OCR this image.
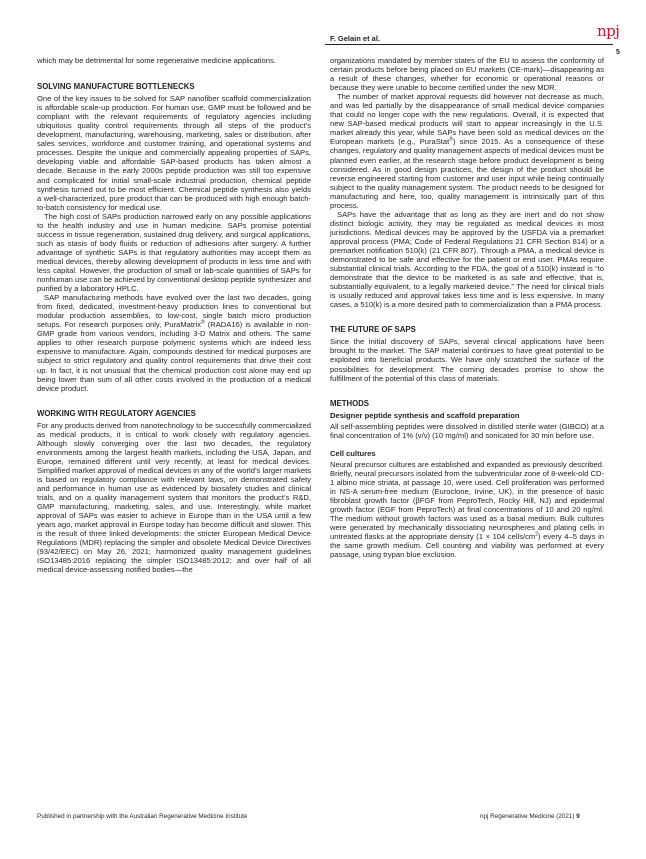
F. Gelain et al.	npj
5

which may be detrimental for some regenerative medicine applications.

SOLVING MANUFACTURE BOTTLENECKS

One of the key issues to be solved for SAP nanofiber scaffold commercialization is affordable scale-up production. For human use, GMP must be followed and be compliant with the relevant requirements of regulatory agencies including ubiquitous quality control requirements through all steps of the product’s development, manufacturing, warehousing, marketing, sales or distribution, after sales services, workforce and customer training, and operational systems and processes. Despite the unique and commercially appealing properties of SAPs, developing viable and affordable SAP-based products has taken almost a decade. Because in the early 2000s peptide production was still too expensive and complicated for initial small-scale industrial production, chemical peptide synthesis turned out to be most efficient. Chemical peptide synthesis also yields a well-characterized, pure product that can be produced with high enough batch-to-batch consistency for medical use.

The high cost of SAPs production narrowed early on any possible applications to the health industry and use in human medicine. SAPs promise potential success in tissue regeneration, sustained drug delivery, and surgical applications, such as stasis of body fluids or reduction of adhesions after surgery. A further advantage of synthetic SAPs is that regulatory authorities may accept them as medical devices, thereby allowing development of products in less time and with less capital. However, the production of small or lab-scale quantities of SAPs for nonhuman use can be achieved by conventional desktop peptide synthesizer and purified by a laboratory HPLC.

SAP manufacturing methods have evolved over the last two decades, going from fixed, dedicated, investment-heavy production lines to conventional but modular production assemblies, to low-cost, single batch micro production setups. For research purposes only, PuraMatrix® (RADA16) is available in non-GMP grade from various vendors, including 3-D Matrix and others. The same applies to other research purpose polymeric systems which are indeed less expensive to manufacture. Again, compounds destined for medical purposes are subject to strict regulatory and quality control requirements that drive their cost up. In fact, it is not unusual that the chemical production cost alone may end up being lower than sum of all other costs involved in the production of a medical device product.

WORKING WITH REGULATORY AGENCIES

For any products derived from nanotechnology to be successfully commercialized as medical products, it is critical to work closely with regulatory agencies. Although slowly converging over the last two decades, the regulatory environments among the largest health markets, including the USA, Japan, and Europe, remained different until very recently, at least for medical devices. Simplified market approval of medical devices in any of the world’s larger markets is based on regulatory compliance with relevant laws, on demonstrated safety and performance in human use as evidenced by biosafety studies and clinical trials, and on a quality management system that monitors the product’s R&D, GMP manufacturing, marketing, sales, and use. Interestingly, while market approval of SAPs was easier to achieve in Europe than in the USA until a few years ago, market approval in Europe today has become difficult and slower. This is the result of three linked developments: the stricter European Medical Device Regulations (MDR) replacing the simpler and obsolete Medical Device Directives (93/42/EEC) on May 26, 2021; harmonized quality management guidelines ISO13485:2016 replacing the simpler ISO13485:2012; and over half of all medical device-assessing notified bodies—the

organizations mandated by member states of the EU to assess the conformity of certain products before being placed on EU markets (CE-mark)—disappearing as a result of these changes, whether for economic or operational reasons or because they were unable to become certified under the new MDR.

The number of market approval requests did however not decrease as much, and was led partially by the disappearance of small medical device companies that could no longer cope with the new regulations. Overall, it is expected that new SAP-based medical products will start to appear increasingly in the U.S. market already this year, while SAPs have been sold as medical devices on the European markets (e.g., PuraStat®) since 2015. As a consequence of these changes, regulatory and quality management aspects of medical devices must be planned even earlier, at the research stage before product development is being considered. As in good design practices, the design of the product should be reverse engineered starting from customer and user input while being continually subject to the quality management system. The product needs to be designed for manufacturing and here, too, quality management is intrinsically part of this process.

SAPs have the advantage that as long as they are inert and do not show distinct biologic activity, they may be regulated as medical devices in most jurisdictions. Medical devices may be approved by the USFDA via a premarket approval process (PMA; Code of Federal Regulations 21 CFR Section 814) or a premarket notification 510(k) (21 CFR 807). Through a PMA, a medical device is demonstrated to be safe and effective for the patient or end user. PMAs require substantial clinical trials. According to the FDA, the goal of a 510(k) instead is “to demonstrate that the device to be marketed is as safe and effective, that is, substantially equivalent, to a legally marketed device.” The need for clinical trials is usually reduced and approval takes less time and is less expensive. In many cases, a 510(k) is a more desired path to commercialization than a PMA process.

THE FUTURE OF SAPS

Since the initial discovery of SAPs, several clinical applications have been brought to the market. The SAP material continues to have great potential to be exploited into beneficial products. We have only scratched the surface of the possibilities for development. The coming decades promise to show the fulfillment of the potential of this class of materials.

METHODS
Designer peptide synthesis and scaffold preparation

All self-assembling peptides were dissolved in distilled sterile water (GIBCO) at a final concentration of 1% (v/v) (10 mg/ml) and sonicated for 30 min before use.

Cell cultures

Neural precursor cultures are established and expanded as previously described. Briefly, neural precursors isolated from the subventricular zone of 8-week-old CD-1 albino mice striata, at passage 10, were used. Cell proliferation was performed in NS-A serum-free medium (Euroclone, Irvine, UK), in the presence of basic fibroblast growth factor (βFGF from PeproTech, Rocky Hill, NJ) and epidermal growth factor (EGF from PeproTech) at final concentrations of 10 and 20 ng/ml. The medium without growth factors was used as a basal medium. Bulk cultures were generated by mechanically dissociating neurospheres and plating cells in untreated flasks at the appropriate density (1 × 104 cells/$cm^2$) every 4–5 days in the same growth medium. Cell counting and viability was performed at every passage, using trypan blue exclusion.

Published in partnership with the Australian Regenerative Medicine Institute	npj Regenerative Medicine (2021) 9
